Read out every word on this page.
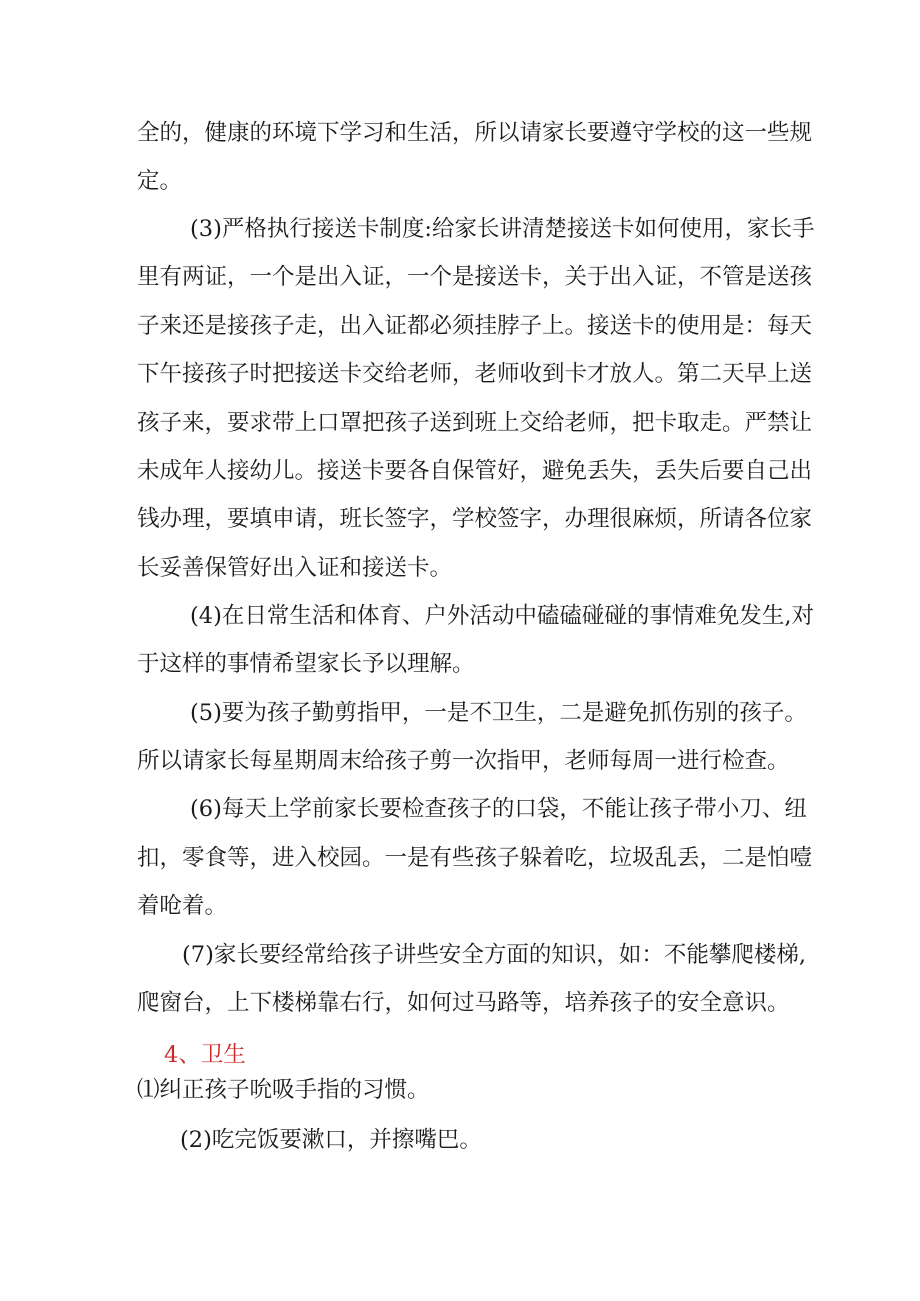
全的，健康的环境下学习和生活，所以请家长要遵守学校的这一些规
定。
(3)严格执行接送卡制度:给家长讲清楚接送卡如何使用，家长手
里有两证，一个是出入证，一个是接送卡，关于出入证，不管是送孩
子来还是接孩子走，出入证都必须挂脖子上。接送卡的使用是：每天
下午接孩子时把接送卡交给老师，老师收到卡才放人。第二天早上送
孩子来，要求带上口罩把孩子送到班上交给老师，把卡取走。严禁让
未成年人接幼儿。接送卡要各自保管好，避免丢失，丢失后要自己出
钱办理，要填申请，班长签字，学校签字，办理很麻烦，所请各位家
长妥善保管好出入证和接送卡。
(4)在日常生活和体育、户外活动中磕磕碰碰的事情难免发生,对
于这样的事情希望家长予以理解。
(5)要为孩子勤剪指甲，一是不卫生，二是避免抓伤别的孩子。
所以请家长每星期周末给孩子剪一次指甲，老师每周一进行检查。
(6)每天上学前家长要检查孩子的口袋，不能让孩子带小刀、纽
扣，零食等，进入校园。一是有些孩子躲着吃，垃圾乱丢，二是怕噎
着呛着。
(7)家长要经常给孩子讲些安全方面的知识，如：不能攀爬楼梯,
爬窗台，上下楼梯靠右行，如何过马路等，培养孩子的安全意识。
4、卫生
⑴纠正孩子吮吸手指的习惯。
(2)吃完饭要漱口，并擦嘴巴。
